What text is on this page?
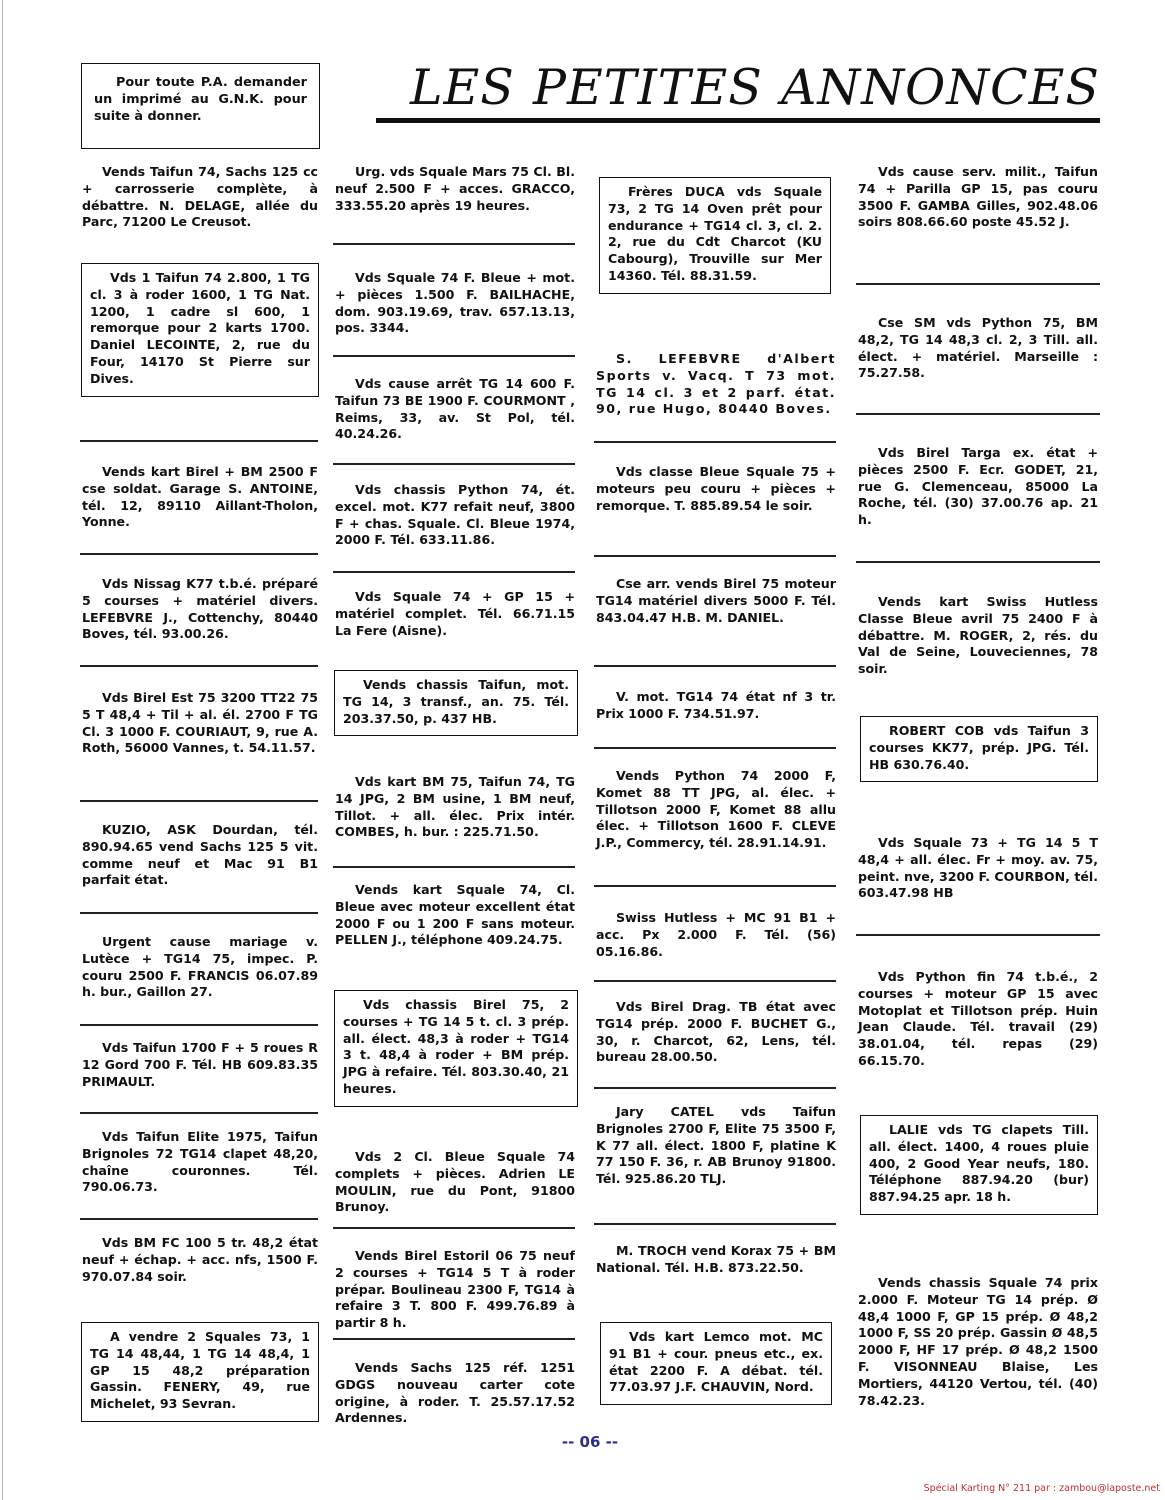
Pour toute P.A. demander un imprimé au G.N.K. pour suite à donner.

LES PETITES ANNONCES

Vends Taifun 74, Sachs 125 cc + carrosserie complète, à débattre. N. DELAGE, allée du Parc, 71200 Le Creusot.

Vds 1 Taifun 74 2.800, 1 TG cl. 3 à roder 1600, 1 TG Nat. 1200, 1 cadre sl 600, 1 remorque pour 2 karts 1700. Daniel LECOINTE, 2, rue du Four, 14170 St Pierre sur Dives.

Vends kart Birel + BM 2500 F cse soldat. Garage S. ANTOINE, tél. 12, 89110 Aillant-Tholon, Yonne.

Vds Nissag K77 t.b.é. préparé 5 courses + matériel divers. LEFEBVRE J., Cottenchy, 80440 Boves, tél. 93.00.26.

Vds Birel Est 75 3200 TT22 75 5 T 48,4 + Til + al. él. 2700 F TG Cl. 3 1000 F. COURIAUT, 9, rue A. Roth, 56000 Vannes, t. 54.11.57.

KUZIO, ASK Dourdan, tél. 890.94.65 vend Sachs 125 5 vit. comme neuf et Mac 91 B1 parfait état.

Urgent cause mariage v. Lutèce + TG14 75, impec. P. couru 2500 F. FRANCIS 06.07.89 h. bur., Gaillon 27.

Vds Taifun 1700 F + 5 roues R 12 Gord 700 F. Tél. HB 609.83.35 PRIMAULT.

Vds Taifun Elite 1975, Taifun Brignoles 72 TG14 clapet 48,20, chaîne couronnes. Tél. 790.06.73.

Vds BM FC 100 5 tr. 48,2 état neuf + échap. + acc. nfs, 1500 F. 970.07.84 soir.

A vendre 2 Squales 73, 1 TG 14 48,44, 1 TG 14 48,4, 1 GP 15 48,2 préparation Gassin. FENERY, 49, rue Michelet, 93 Sevran.

Urg. vds Squale Mars 75 Cl. Bl. neuf 2.500 F + acces. GRACCO, 333.55.20 après 19 heures.

Vds Squale 74 F. Bleue + mot. + pièces 1.500 F. BAILHACHE, dom. 903.19.69, trav. 657.13.13, pos. 3344.

Vds cause arrêt TG 14 600 F. Taifun 73 BE 1900 F. COURMONT , Reims, 33, av. St Pol, tél. 40.24.26.

Vds chassis Python 74, ét. excel. mot. K77 refait neuf, 3800 F + chas. Squale. Cl. Bleue 1974, 2000 F. Tél. 633.11.86.

Vds Squale 74 + GP 15 + matériel complet. Tél. 66.71.15 La Fere (Aisne).

Vends chassis Taifun, mot. TG 14, 3 transf., an. 75. Tél. 203.37.50, p. 437 HB.

Vds kart BM 75, Taifun 74, TG 14 JPG, 2 BM usine, 1 BM neuf, Tillot. + all. élec. Prix intér. COMBES, h. bur. : 225.71.50.

Vends kart Squale 74, Cl. Bleue avec moteur excellent état 2000 F ou 1 200 F sans moteur. PELLEN J., téléphone 409.24.75.

Vds chassis Birel 75, 2 courses + TG 14 5 t. cl. 3 prép. all. élect. 48,3 à roder + TG14 3 t. 48,4 à roder + BM prép. JPG à refaire. Tél. 803.30.40, 21 heures.

Vds 2 Cl. Bleue Squale 74 complets + pièces. Adrien LE MOULIN, rue du Pont, 91800 Brunoy.

Vends Birel Estoril 06 75 neuf 2 courses + TG14 5 T à roder prépar. Boulineau 2300 F, TG14 à refaire 3 T. 800 F. 499.76.89 à partir 8 h.

Vends Sachs 125 réf. 1251 GDGS nouveau carter cote origine, à roder. T. 25.57.17.52 Ardennes.

Frères DUCA vds Squale 73, 2 TG 14 Oven prêt pour endurance + TG14 cl. 3, cl. 2. 2, rue du Cdt Charcot (KU Cabourg), Trouville sur Mer 14360. Tél. 88.31.59.

S. LEFEBVRE d'Albert Sports v. Vacq. T 73 mot. TG 14 cl. 3 et 2 parf. état. 90, rue Hugo, 80440 Boves.

Vds classe Bleue Squale 75 + moteurs peu couru + pièces + remorque. T. 885.89.54 le soir.

Cse arr. vends Birel 75 moteur TG14 matériel divers 5000 F. Tél. 843.04.47 H.B. M. DANIEL.

V. mot. TG14 74 état nf 3 tr. Prix 1000 F. 734.51.97.

Vends Python 74 2000 F, Komet 88 TT JPG, al. élec. + Tillotson 2000 F, Komet 88 allu élec. + Tillotson 1600 F. CLEVE J.P., Commercy, tél. 28.91.14.91.

Swiss Hutless + MC 91 B1 + acc. Px 2.000 F. Tél. (56) 05.16.86.

Vds Birel Drag. TB état avec TG14 prép. 2000 F. BUCHET G., 30, r. Charcot, 62, Lens, tél. bureau 28.00.50.

Jary CATEL vds Taifun Brignoles 2700 F, Elite 75 3500 F, K 77 all. élect. 1800 F, platine K 77 150 F. 36, r. AB Brunoy 91800. Tél. 925.86.20 TLJ.

M. TROCH vend Korax 75 + BM National. Tél. H.B. 873.22.50.

Vds kart Lemco mot. MC 91 B1 + cour. pneus etc., ex. état 2200 F. A débat. tél. 77.03.97 J.F. CHAUVIN, Nord.

Vds cause serv. milit., Taifun 74 + Parilla GP 15, pas couru 3500 F. GAMBA Gilles, 902.48.06 soirs 808.66.60 poste 45.52 J.

Cse SM vds Python 75, BM 48,2, TG 14 48,3 cl. 2, 3 Till. all. élect. + matériel. Marseille : 75.27.58.

Vds Birel Targa ex. état + pièces 2500 F. Ecr. GODET, 21, rue G. Clemenceau, 85000 La Roche, tél. (30) 37.00.76 ap. 21 h.

Vends kart Swiss Hutless Classe Bleue avril 75 2400 F à débattre. M. ROGER, 2, rés. du Val de Seine, Louveciennes, 78 soir.

ROBERT COB vds Taifun 3 courses KK77, prép. JPG. Tél. HB 630.76.40.

Vds Squale 73 + TG 14 5 T 48,4 + all. élec. Fr + moy. av. 75, peint. nve, 3200 F. COURBON, tél. 603.47.98 HB

Vds Python fin 74 t.b.é., 2 courses + moteur GP 15 avec Motoplat et Tillotson prép. Huin Jean Claude. Tél. travail (29) 38.01.04, tél. repas (29) 66.15.70.

LALIE vds TG clapets Till. all. élect. 1400, 4 roues pluie 400, 2 Good Year neufs, 180. Téléphone 887.94.20 (bur) 887.94.25 apr. 18 h.

Vends chassis Squale 74 prix 2.000 F. Moteur TG 14 prép. Ø 48,4 1000 F, GP 15 prép. Ø 48,2 1000 F, SS 20 prép. Gassin Ø 48,5 2000 F, HF 17 prép. Ø 48,2 1500 F. VISONNEAU Blaise, Les Mortiers, 44120 Vertou, tél. (40) 78.42.23.

-- 06 --
Spécial Karting N° 211 par : zambou@laposte.net
